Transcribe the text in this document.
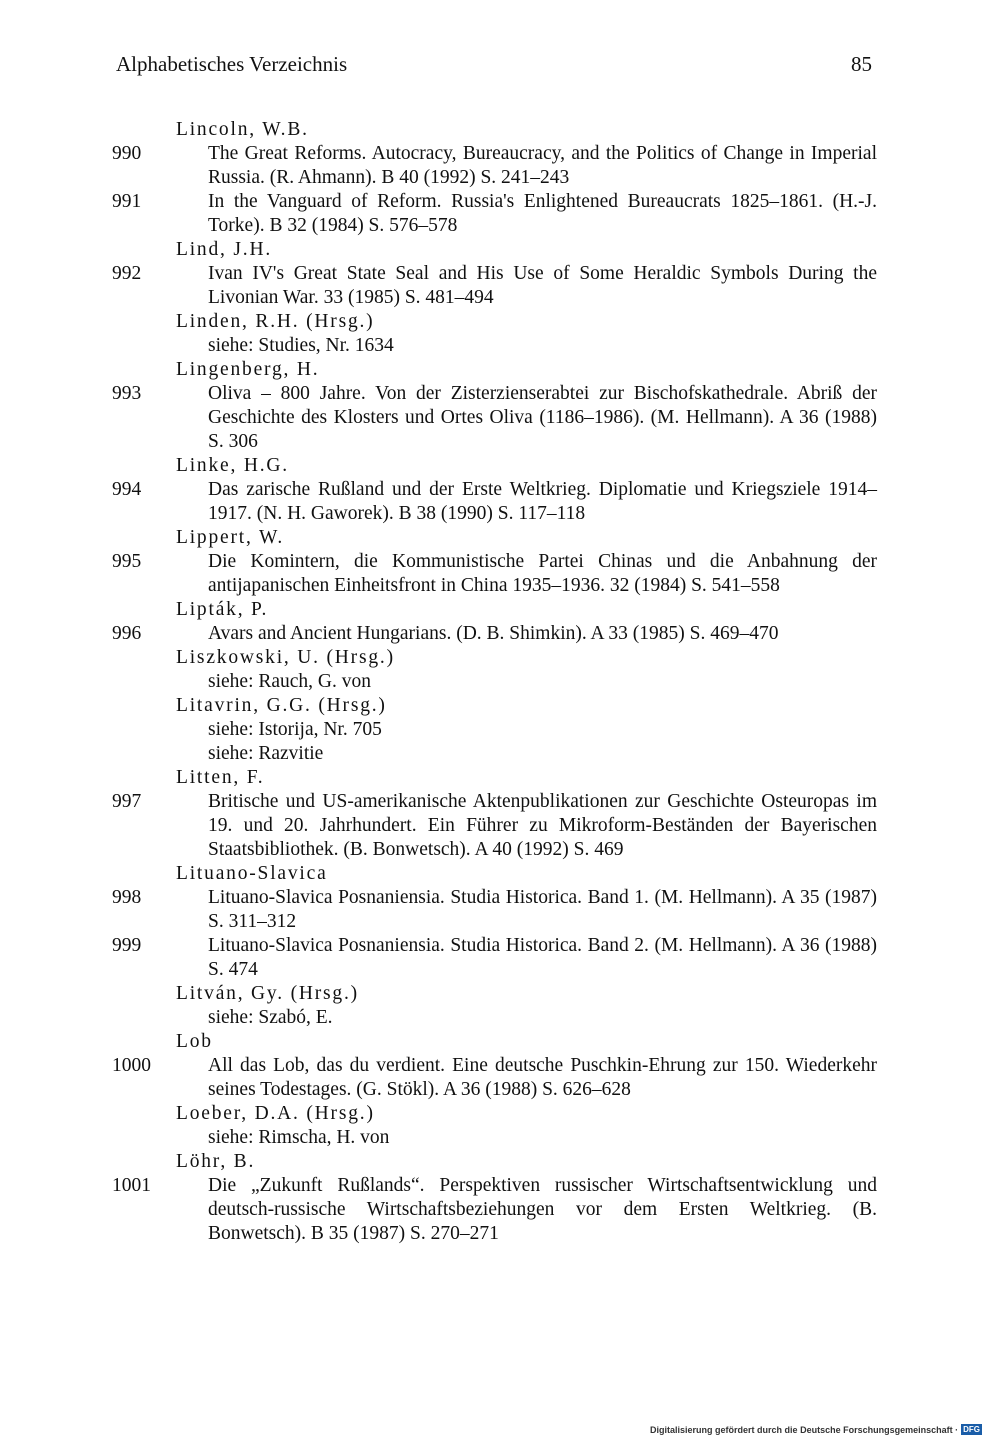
Alphabetisches Verzeichnis	85
Lincoln, W.B.
990	The Great Reforms. Autocracy, Bureaucracy, and the Politics of Change in Imperial Russia. (R. Ahmann). B 40 (1992) S. 241–243
991	In the Vanguard of Reform. Russia's Enlightened Bureaucrats 1825–1861. (H.-J. Torke). B 32 (1984) S. 576–578
Lind, J.H.
992	Ivan IV's Great State Seal and His Use of Some Heraldic Symbols During the Livonian War. 33 (1985) S. 481–494
Linden, R.H. (Hrsg.)
siehe: Studies, Nr. 1634
Lingenberg, H.
993	Oliva – 800 Jahre. Von der Zisterzienserabtei zur Bischofskathedrale. Abriß der Geschichte des Klosters und Ortes Oliva (1186–1986). (M. Hellmann). A 36 (1988) S. 306
Linke, H.G.
994	Das zarische Rußland und der Erste Weltkrieg. Diplomatie und Kriegsziele 1914–1917. (N. H. Gaworek). B 38 (1990) S. 117–118
Lippert, W.
995	Die Komintern, die Kommunistische Partei Chinas und die Anbahnung der antijapanischen Einheitsfront in China 1935–1936. 32 (1984) S. 541–558
Lipták, P.
996	Avars and Ancient Hungarians. (D. B. Shimkin). A 33 (1985) S. 469–470
Liszkowski, U. (Hrsg.)
siehe: Rauch, G. von
Litavrin, G.G. (Hrsg.)
siehe: Istorija, Nr. 705
siehe: Razvitie
Litten, F.
997	Britische und US-amerikanische Aktenpublikationen zur Geschichte Osteuropas im 19. und 20. Jahrhundert. Ein Führer zu Mikroform-Beständen der Bayerischen Staatsbibliothek. (B. Bonwetsch). A 40 (1992) S. 469
Lituano-Slavica
998	Lituano-Slavica Posnaniensia. Studia Historica. Band 1. (M. Hellmann). A 35 (1987) S. 311–312
999	Lituano-Slavica Posnaniensia. Studia Historica. Band 2. (M. Hellmann). A 36 (1988) S. 474
Litván, Gy. (Hrsg.)
siehe: Szabó, E.
Lob
1000	All das Lob, das du verdient. Eine deutsche Puschkin-Ehrung zur 150. Wiederkehr seines Todestages. (G. Stökl). A 36 (1988) S. 626–628
Loeber, D.A. (Hrsg.)
siehe: Rimscha, H. von
Löhr, B.
1001	Die „Zukunft Rußlands“. Perspektiven russischer Wirtschaftsentwicklung und deutsch-russische Wirtschaftsbeziehungen vor dem Ersten Weltkrieg. (B. Bonwetsch). B 35 (1987) S. 270–271
Digitalisierung gefördert durch die Deutsche Forschungsgemeinschaft · DFG
